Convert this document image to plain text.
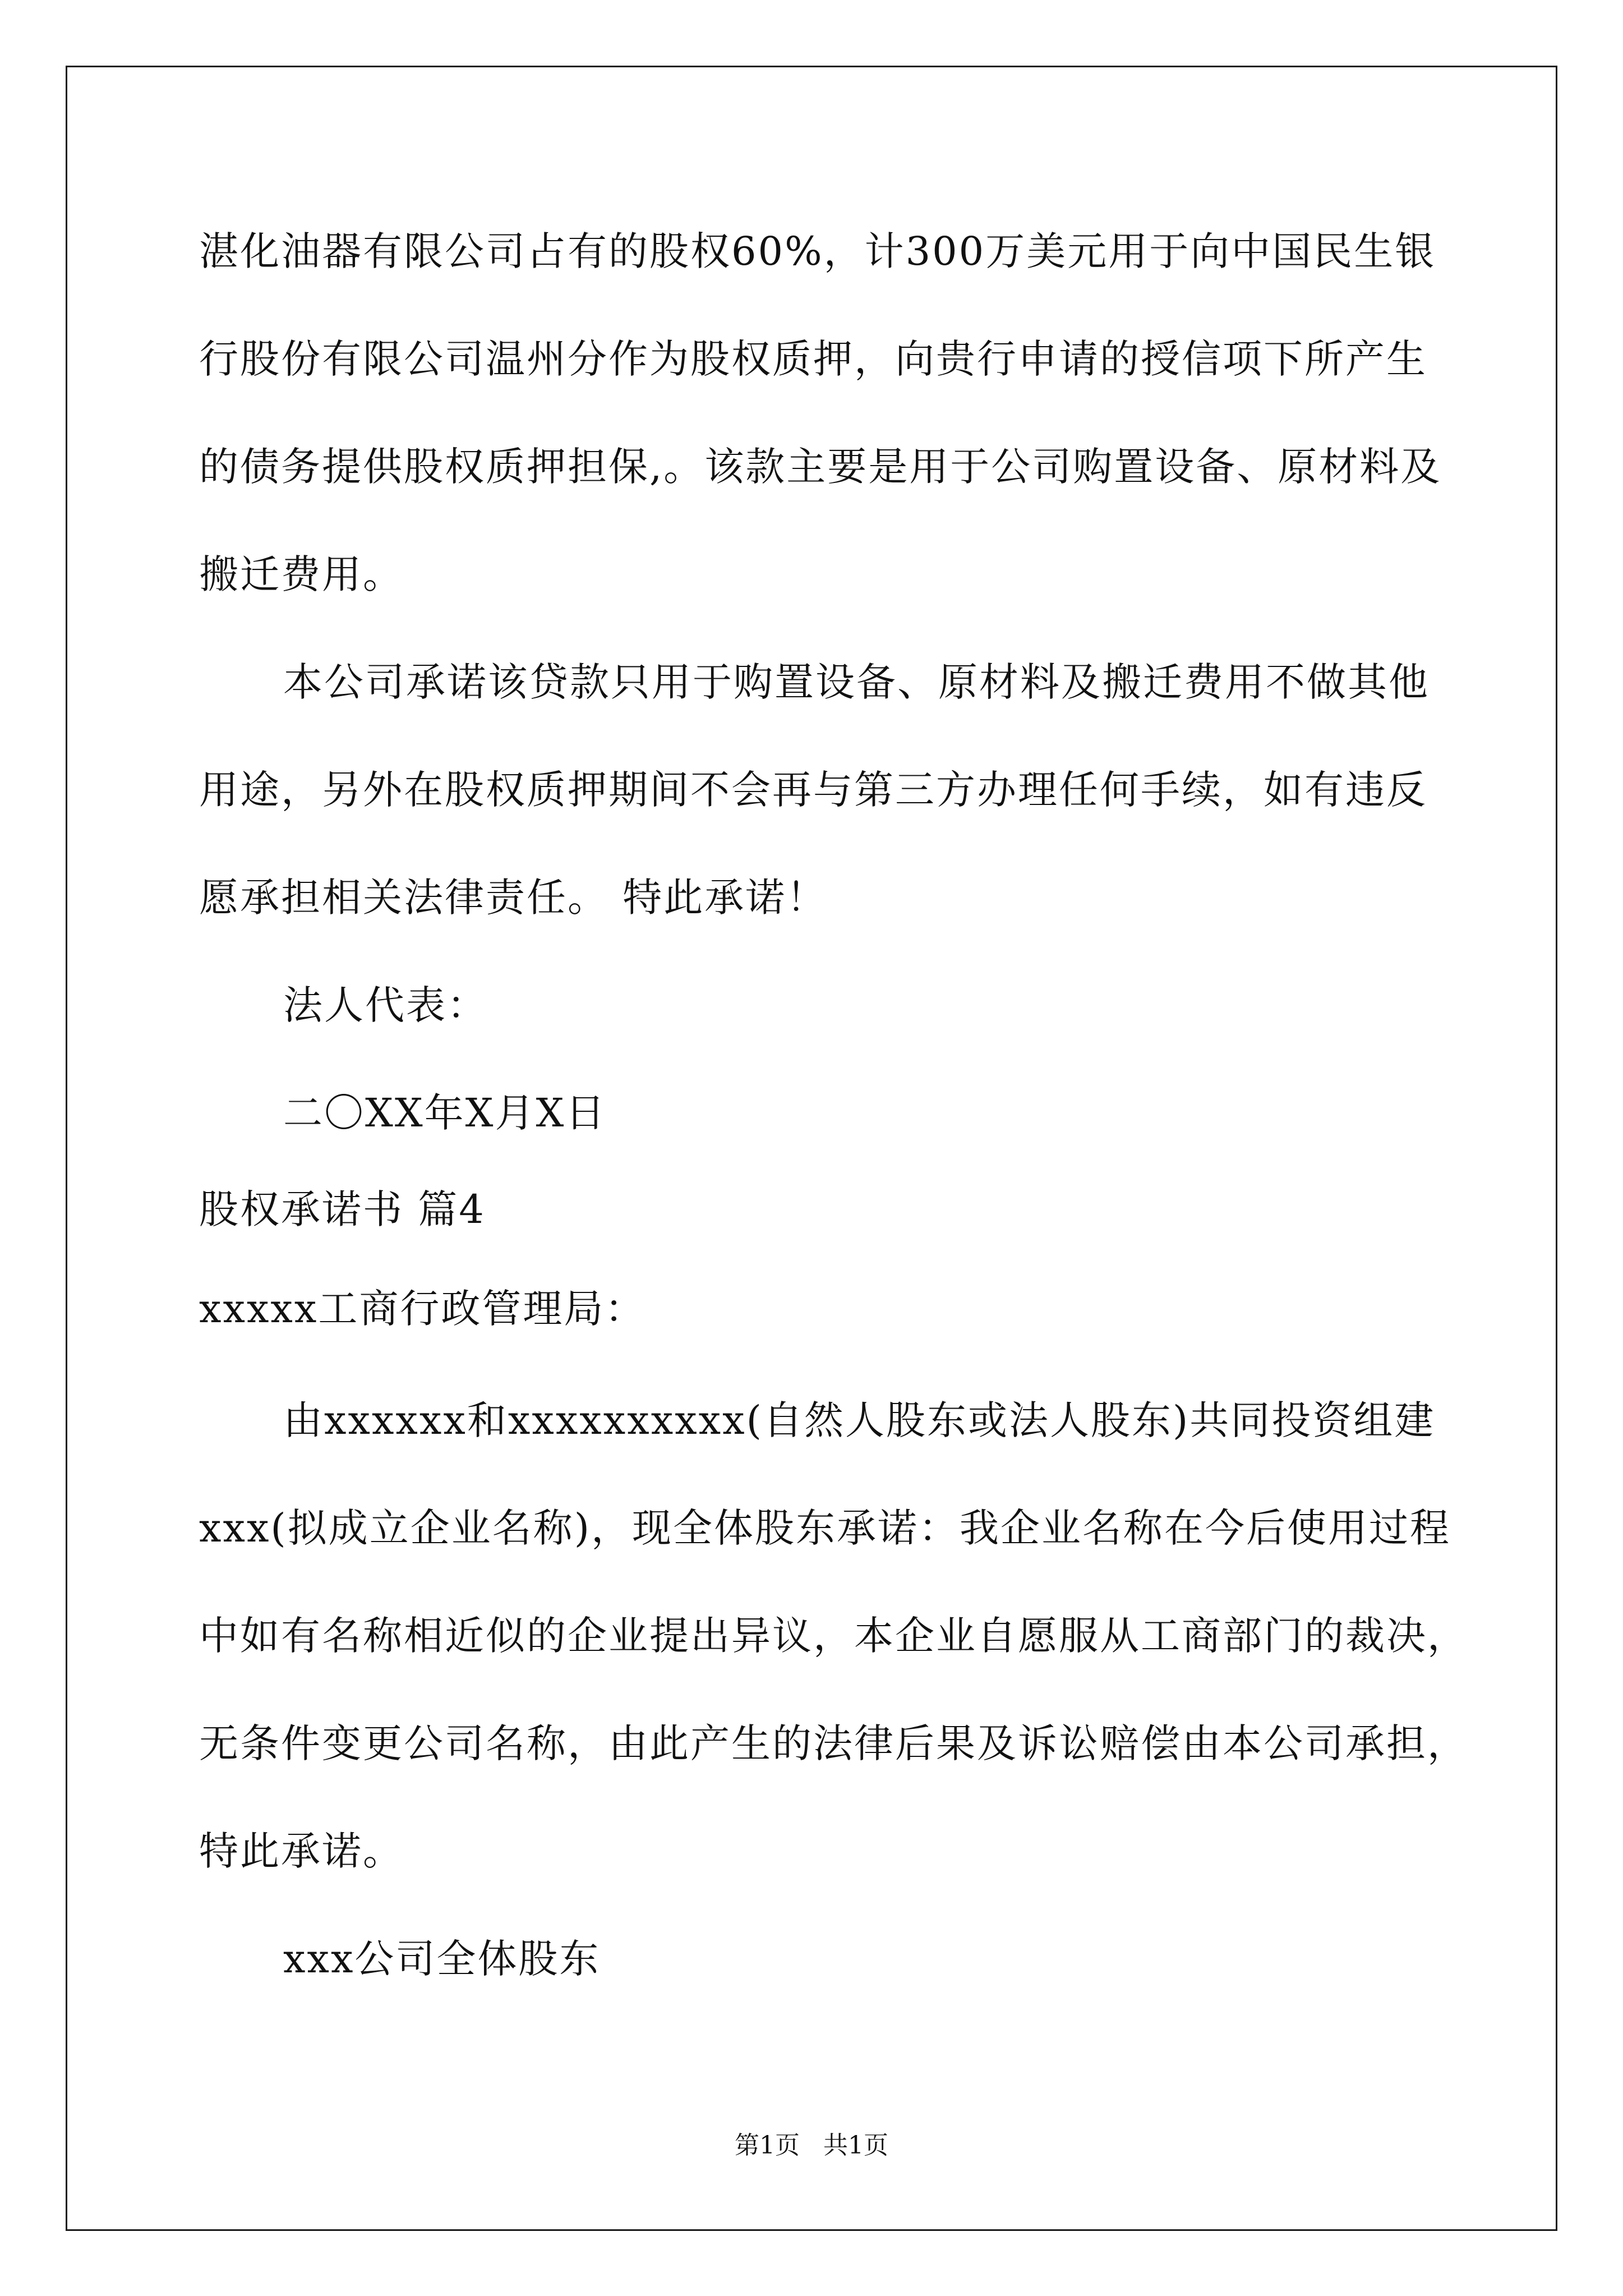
湛化油器有限公司占有的股权60%，计300万美元用于向中国民生银
行股份有限公司温州分作为股权质押，向贵行申请的授信项下所产生
的债务提供股权质押担保,。该款主要是用于公司购置设备、原材料及
搬迁费用。
本公司承诺该贷款只用于购置设备、原材料及搬迁费用不做其他
用途，另外在股权质押期间不会再与第三方办理任何手续，如有违反
愿承担相关法律责任。 特此承诺！
法人代表：
二〇XX年X月X日
股权承诺书 篇4
xxxxx工商行政管理局：
由xxxxxx和xxxxxxxxxx(自然人股东或法人股东)共同投资组建
xxx(拟成立企业名称)，现全体股东承诺：我企业名称在今后使用过程
中如有名称相近似的企业提出异议，本企业自愿服从工商部门的裁决，
无条件变更公司名称，由此产生的法律后果及诉讼赔偿由本公司承担，
特此承诺。
xxx公司全体股东
第1页   共1页
